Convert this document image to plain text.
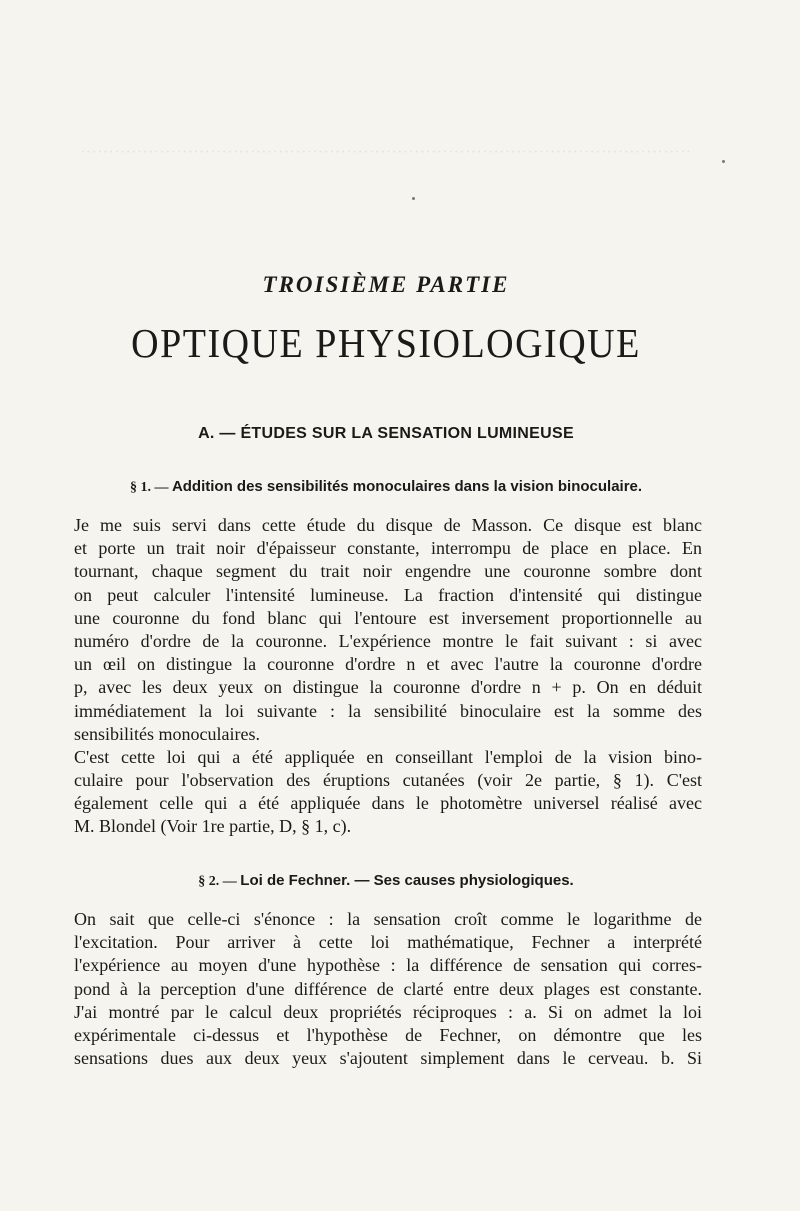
············································································································
TROISIÈME PARTIE
OPTIQUE PHYSIOLOGIQUE
A. — ÉTUDES SUR LA SENSATION LUMINEUSE
§ 1. — Addition des sensibilités monoculaires dans la vision binoculaire.
Je me suis servi dans cette étude du disque de Masson. Ce disque est blanc
et porte un trait noir d'épaisseur constante, interrompu de place en place. En
tournant, chaque segment du trait noir engendre une couronne sombre dont
on peut calculer l'intensité lumineuse. La fraction d'intensité qui distingue
une couronne du fond blanc qui l'entoure est inversement proportionnelle au
numéro d'ordre de la couronne. L'expérience montre le fait suivant : si avec
un œil on distingue la couronne d'ordre n et avec l'autre la couronne d'ordre
p, avec les deux yeux on distingue la couronne d'ordre n + p. On en déduit
immédiatement la loi suivante : la sensibilité binoculaire est la somme des
sensibilités monoculaires.
C'est cette loi qui a été appliquée en conseillant l'emploi de la vision bino-
culaire pour l'observation des éruptions cutanées (voir 2e partie, § 1). C'est
également celle qui a été appliquée dans le photomètre universel réalisé avec
M. Blondel (Voir 1re partie, D, § 1, c).
§ 2. — Loi de Fechner. — Ses causes physiologiques.
On sait que celle-ci s'énonce : la sensation croît comme le logarithme de
l'excitation. Pour arriver à cette loi mathématique, Fechner a interprété
l'expérience au moyen d'une hypothèse : la différence de sensation qui corres-
pond à la perception d'une différence de clarté entre deux plages est constante.
J'ai montré par le calcul deux propriétés réciproques : a. Si on admet la loi
expérimentale ci-dessus et l'hypothèse de Fechner, on démontre que les
sensations dues aux deux yeux s'ajoutent simplement dans le cerveau. b. Si
